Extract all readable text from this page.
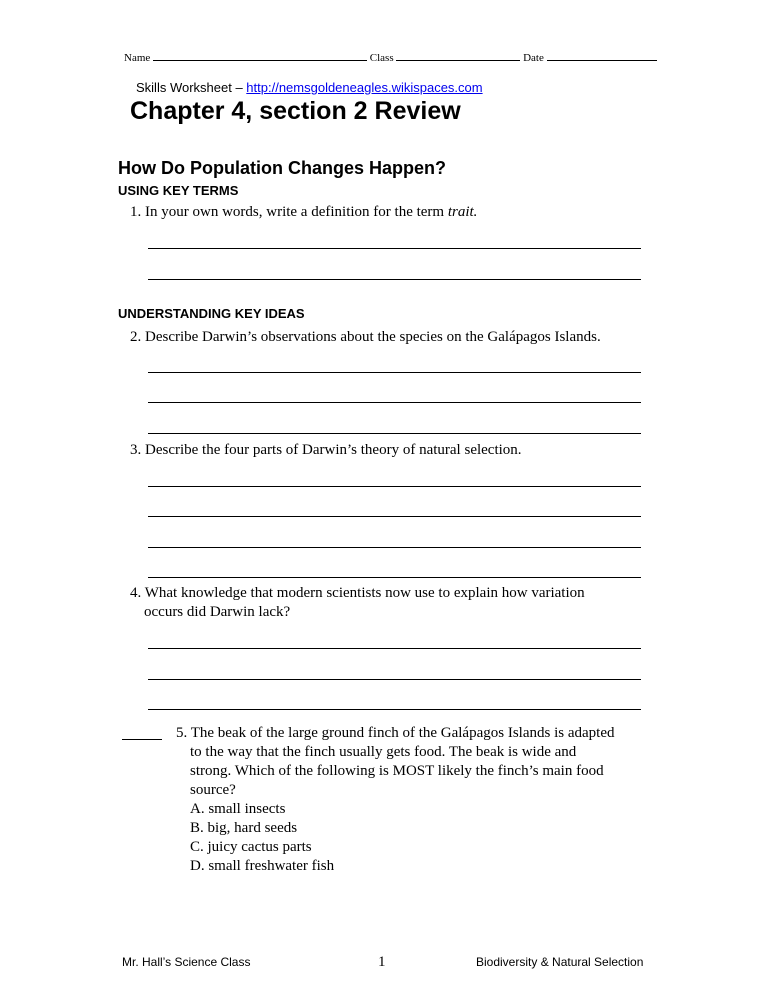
Name	Class	Date
Skills Worksheet – http://nemsgoldeneagles.wikispaces.com
Chapter 4, section 2 Review
How Do Population Changes Happen?
USING KEY TERMS
1. In your own words, write a definition for the term trait.
UNDERSTANDING KEY IDEAS
2. Describe Darwin’s observations about the species on the Galápagos Islands.
3. Describe the four parts of Darwin’s theory of natural selection.
4. What knowledge that modern scientists now use to explain how variation
occurs did Darwin lack?
5. The beak of the large ground finch of the Galápagos Islands is adapted
to the way that the finch usually gets food. The beak is wide and
strong. Which of the following is MOST likely the finch’s main food
source?
A. small insects
B. big, hard seeds
C. juicy cactus parts
D. small freshwater fish
Mr. Hall’s Science Class	1	Biodiversity & Natural Selection
